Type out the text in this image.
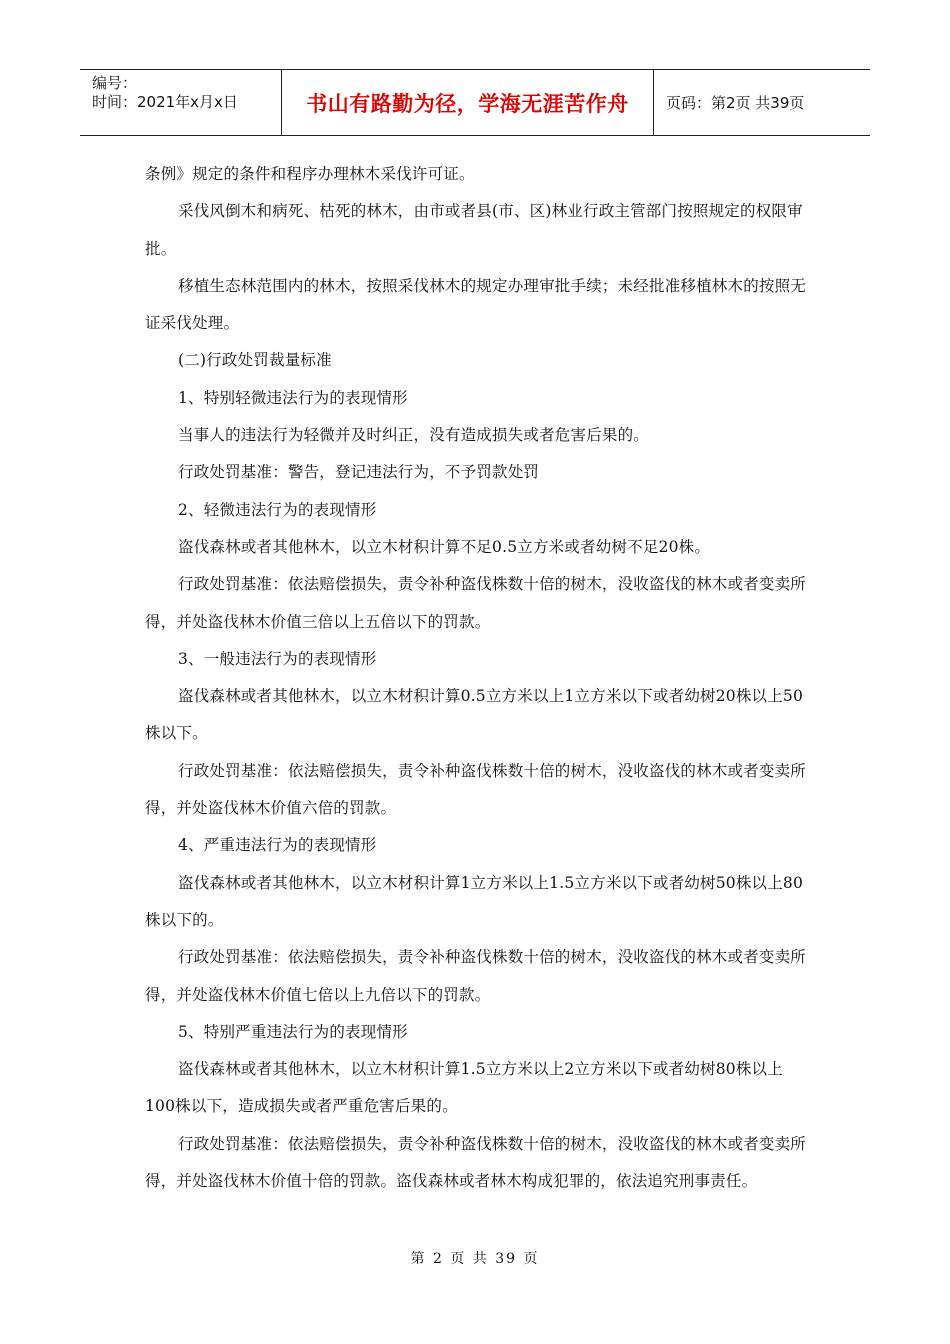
编号：
时间：2021年x月x日	书山有路勤为径，学海无涯苦作舟	页码：第2页 共39页

条例》规定的条件和程序办理林木采伐许可证。

采伐风倒木和病死、枯死的林木，由市或者县(市、区)林业行政主管部门按照规定的权限审批。

移植生态林范围内的林木，按照采伐林木的规定办理审批手续；未经批准移植林木的按照无证采伐处理。

(二)行政处罚裁量标准

1、特别轻微违法行为的表现情形

当事人的违法行为轻微并及时纠正，没有造成损失或者危害后果的。

行政处罚基准：警告，登记违法行为，不予罚款处罚

2、轻微违法行为的表现情形

盗伐森林或者其他林木，以立木材积计算不足0.5立方米或者幼树不足20株。

行政处罚基准：依法赔偿损失，责令补种盗伐株数十倍的树木，没收盗伐的林木或者变卖所得，并处盗伐林木价值三倍以上五倍以下的罚款。

3、一般违法行为的表现情形

盗伐森林或者其他林木，以立木材积计算0.5立方米以上1立方米以下或者幼树20株以上50株以下。

行政处罚基准：依法赔偿损失，责令补种盗伐株数十倍的树木，没收盗伐的林木或者变卖所得，并处盗伐林木价值六倍的罚款。

4、严重违法行为的表现情形

盗伐森林或者其他林木，以立木材积计算1立方米以上1.5立方米以下或者幼树50株以上80株以下的。

行政处罚基准：依法赔偿损失，责令补种盗伐株数十倍的树木，没收盗伐的林木或者变卖所得，并处盗伐林木价值七倍以上九倍以下的罚款。

5、特别严重违法行为的表现情形

盗伐森林或者其他林木，以立木材积计算1.5立方米以上2立方米以下或者幼树80株以上100株以下，造成损失或者严重危害后果的。

行政处罚基准：依法赔偿损失，责令补种盗伐株数十倍的树木，没收盗伐的林木或者变卖所得，并处盗伐林木价值十倍的罚款。盗伐森林或者林木构成犯罪的，依法追究刑事责任。

第 2 页 共 39 页
